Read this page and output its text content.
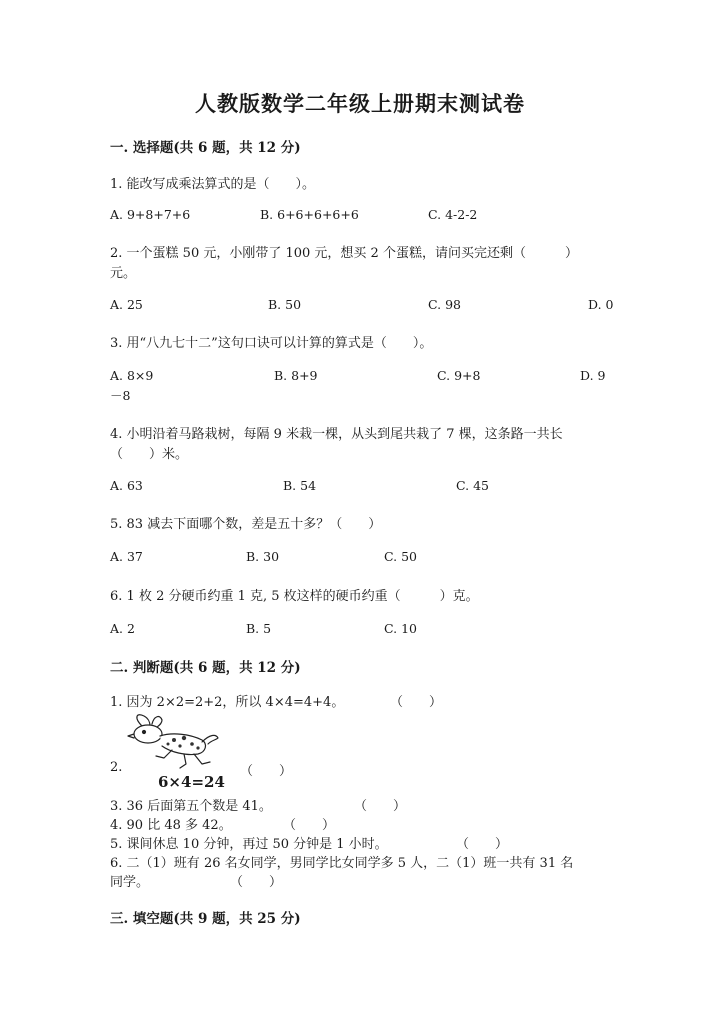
人教版数学二年级上册期末测试卷
一. 选择题(共 6 题，共 12 分)
1. 能改写成乘法算式的是（　　）。
A. 9+8+7+6	B. 6+6+6+6+6	C. 4-2-2
2. 一个蛋糕 50 元，小刚带了 100 元，想买 2 个蛋糕，请问买完还剩（　　　）
元。
A. 25	B. 50	C. 98	D. 0
3. 用“八九七十二”这句口诀可以计算的算式是（　　）。
A. 8×9	B. 8+9	C. 9+8	D. 9
－8
4. 小明沿着马路栽树，每隔 9 米栽一棵，从头到尾共栽了 7 棵，这条路一共长
（　　）米。
A. 63	B. 54	C. 45
5. 83 减去下面哪个数，差是五十多？（　　）
A. 37	B. 30	C. 50
6. 1 枚 2 分硬币约重 1 克, 5 枚这样的硬币约重（　　　）克。
A. 2	B. 5	C. 10
二. 判断题(共 6 题，共 12 分)
1. 因为 2×2=2+2，所以 4×4=4+4。	（　　）
2.
6×4=24
（　　）
3. 36 后面第五个数是 41。	（　　）
4. 90 比 48 多 42。	（　　）
5. 课间休息 10 分钟，再过 50 分钟是 1 小时。	（　　）
6. 二（1）班有 26 名女同学，男同学比女同学多 5 人，二（1）班一共有 31 名
同学。	（　　）
三. 填空题(共 9 题，共 25 分)
